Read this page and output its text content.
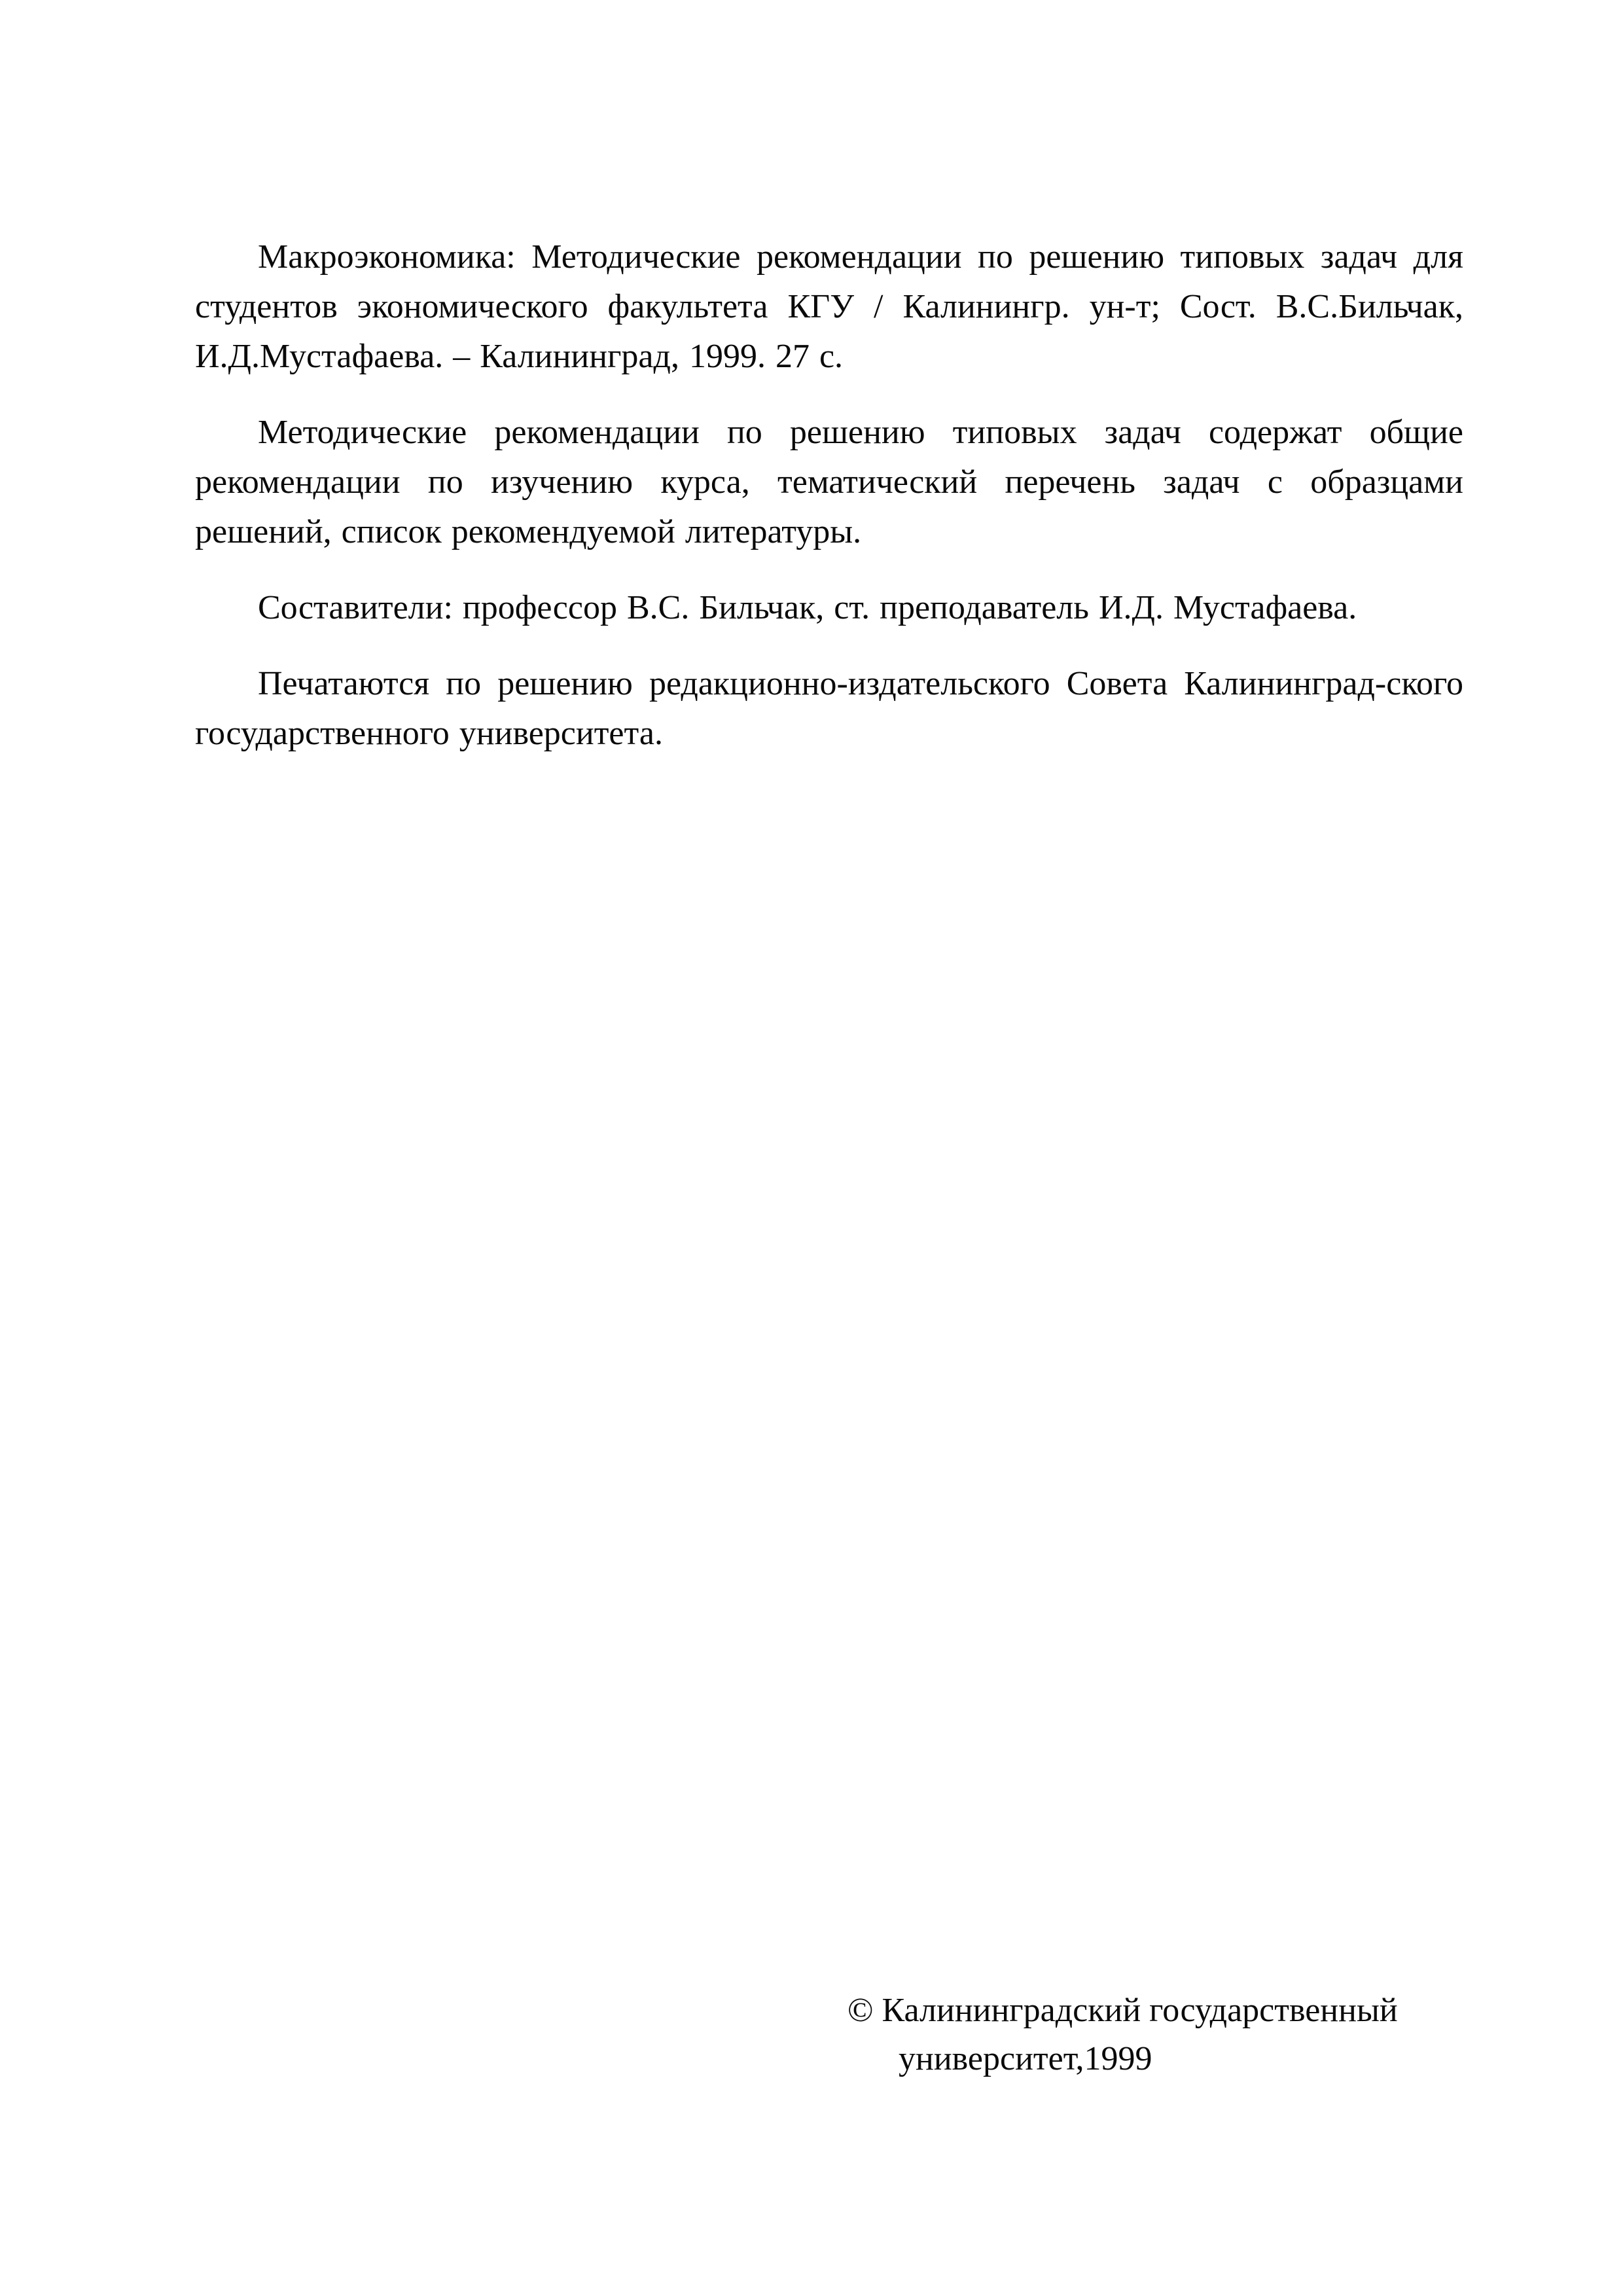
Макроэкономика: Методические рекомендации по решению типовых задач для студентов экономического факультета КГУ / Калинингр. ун-т; Сост. В.С.Бильчак, И.Д.Мустафаева. – Калининград, 1999. 27 с.

Методические рекомендации по решению типовых задач содержат общие рекомендации по изучению курса, тематический перечень задач с образцами решений, список рекомендуемой литературы.

Составители: профессор В.С. Бильчак, ст. преподаватель И.Д. Мустафаева.

Печатаются по решению редакционно-издательского Совета Калининград-ского государственного университета.

© Калининградский государственный
университет,1999
